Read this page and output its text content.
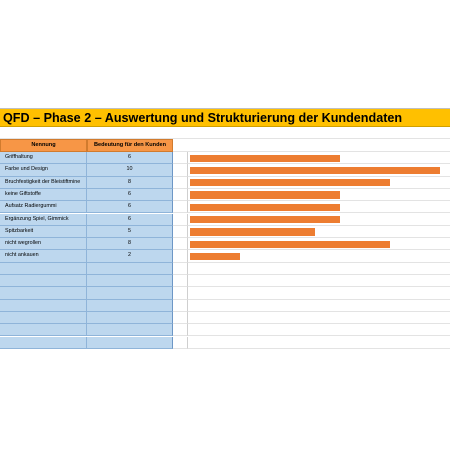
QFD – Phase 2 – Auswertung und Strukturierung der Kundendaten
Nennung	Bedeutung für den Kunden
Griffhaltung	6
Farbe und Design	10
Bruchfestigkeit der Bleistiftmine	8
keine Giftstoffe	6
Aufsatz Radiergummi	6
Ergänzung Spiel, Gimmick	6
Spitzbarkeit	5
nicht wegrollen	8
nicht ankauen	2
